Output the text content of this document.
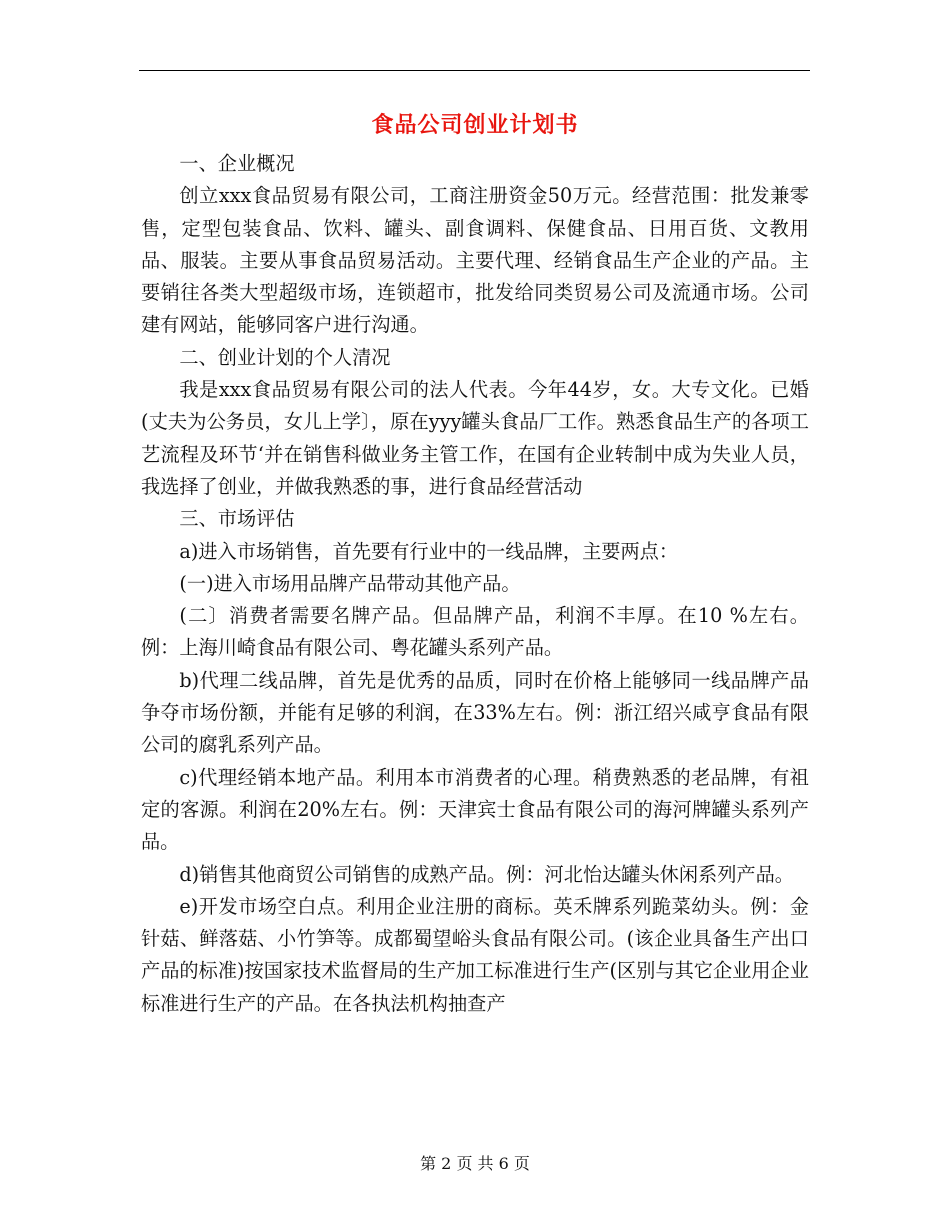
食品公司创业计划书

一、企业概况

创立xxx食品贸易有限公司，工商注册资金50万元。经营范围：批发兼零售，定型包装食品、饮料、罐头、副食调料、保健食品、日用百货、文教用品、服装。主要从事食品贸易活动。主要代理、经销食品生产企业的产品。主要销往各类大型超级市场，连锁超市，批发给同类贸易公司及流通市场。公司建有网站，能够同客户进行沟通。

二、创业计划的个人清况

我是xxx食品贸易有限公司的法人代表。今年44岁，女。大专文化。已婚(丈夫为公务员，女儿上学〕，原在yyy罐头食品厂工作。熟悉食品生产的各项工艺流程及环节‘并在销售科做业务主管工作，在国有企业转制中成为失业人员，我选择了创业，并做我熟悉的事，进行食品经营活动

三、市场评估

a)进入市场销售，首先要有行业中的一线品牌，主要两点：

(一)进入市场用品牌产品带动其他产品。

(二〕消费者需要名牌产品。但品牌产品，利润不丰厚。在10 %左右。例：上海川崎食品有限公司、粤花罐头系列产品。

b)代理二线品牌，首先是优秀的品质，同时在价格上能够同一线品牌产品争夺市场份额，并能有足够的利润，在33%左右。例：浙江绍兴咸亨食品有限公司的腐乳系列产品。

c)代理经销本地产品。利用本市消费者的心理。稍费熟悉的老品牌，有祖定的客源。利润在20%左右。例：天津宾士食品有限公司的海河牌罐头系列产品。

d)销售其他商贸公司销售的成熟产品。例：河北怡达罐头休闲系列产品。

e)开发市场空白点。利用企业注册的商标。英禾牌系列跪菜幼头。例：金针菇、鲜落菇、小竹笋等。成都蜀望峪头食品有限公司。(该企业具备生产出口产品的标准)按国家技术监督局的生产加工标准进行生产(区别与其它企业用企业标准进行生产的产品。在各执法机构抽查产

第 2 页 共 6 页
